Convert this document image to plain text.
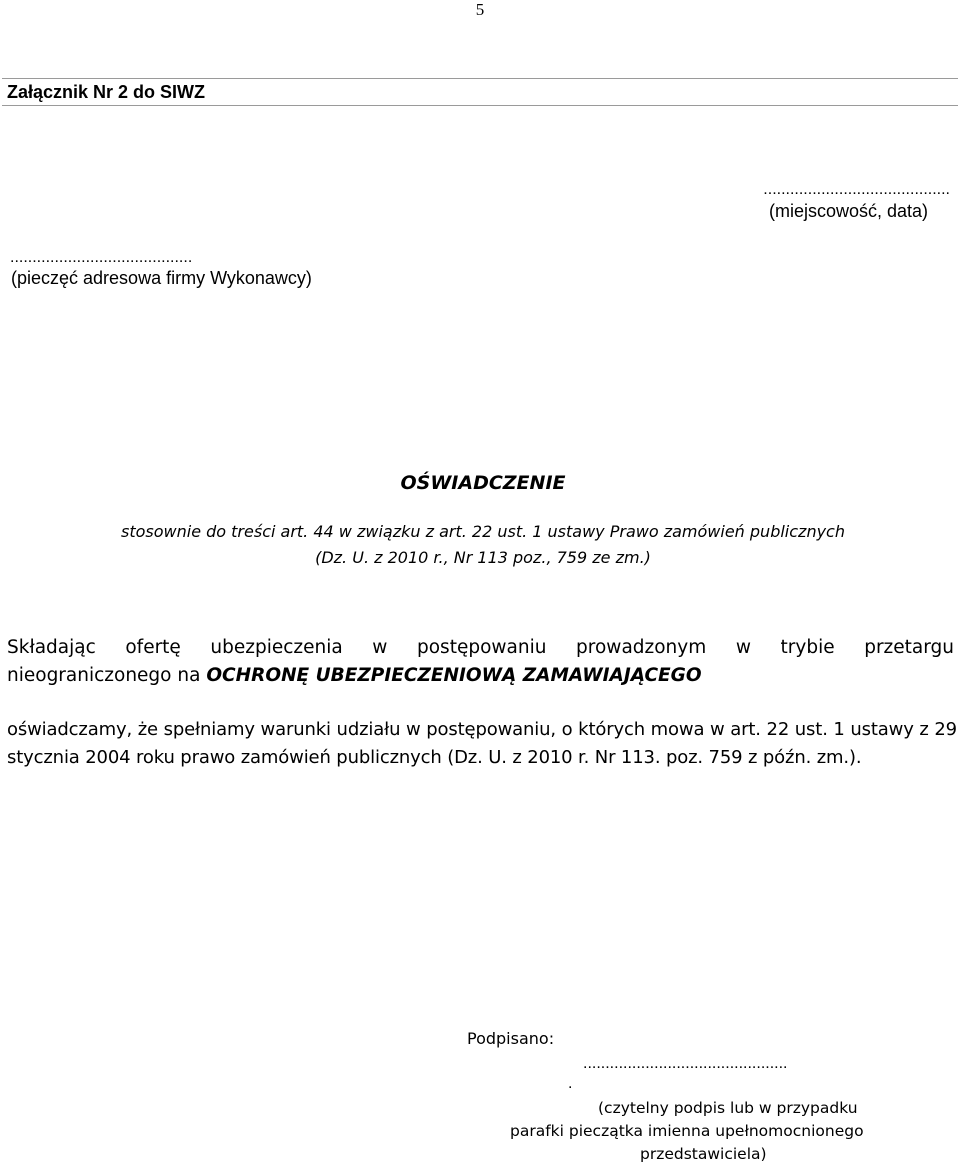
5
Załącznik Nr 2 do SIWZ
..........................................
(miejscowość, data)
.........................................
(pieczęć adresowa firmy Wykonawcy)
OŚWIADCZENIE
stosownie do treści art. 44 w związku z art. 22 ust. 1 ustawy Prawo zamówień publicznych
(Dz. U. z 2010 r., Nr 113 poz., 759 ze zm.)
Składając ofertę ubezpieczenia w postępowaniu prowadzonym w trybie przetargu
nieograniczonego na OCHRONĘ UBEZPIECZENIOWĄ ZAMAWIAJĄCEGO
oświadczamy, że spełniamy warunki udziału w postępowaniu, o których mowa w art. 22 ust. 1 ustawy z 29 stycznia 2004 roku prawo zamówień publicznych (Dz. U. z 2010 r. Nr 113. poz. 759 z późn. zm.).
Podpisano:
..............................................
.
(czytelny podpis lub w przypadku
parafki pieczątka imienna upełnomocnionego
przedstawiciela)
